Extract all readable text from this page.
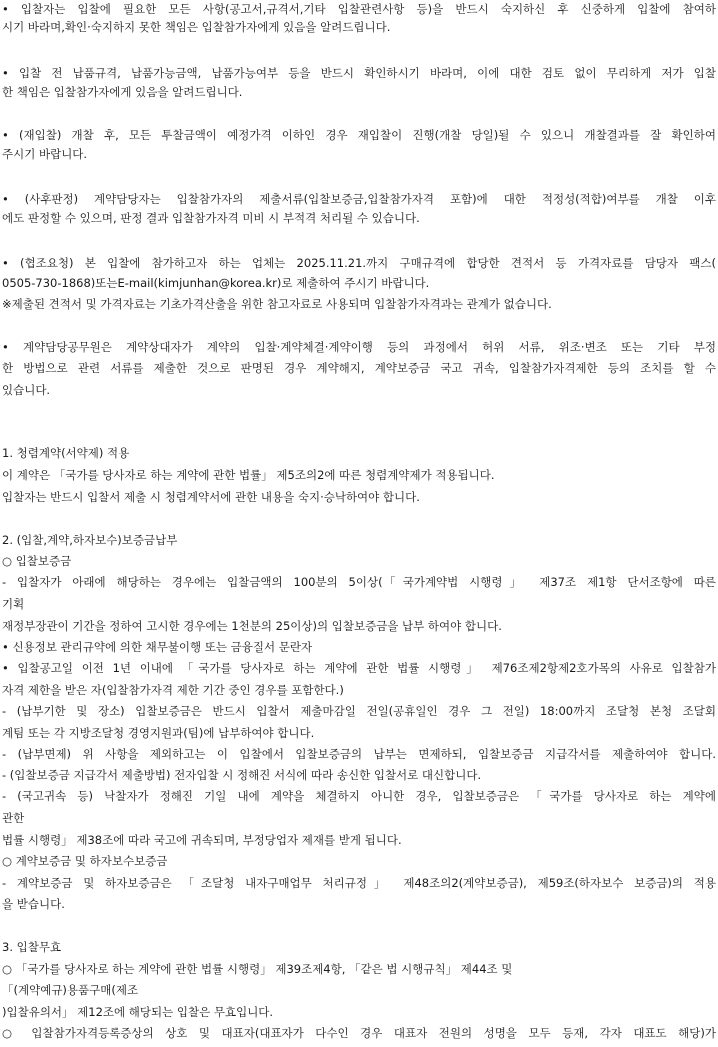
• 입찰자는 입찰에 필요한 모든 사항(공고서,규격서,기타 입찰관련사항 등)을 반드시 숙지하신 후 신중하게 입찰에 참여하
시기 바라며,확인·숙지하지 못한 책임은 입찰참가자에게 있음을 알려드립니다.
• 입찰 전 납품규격, 납품가능금액, 납품가능여부 등을 반드시 확인하시기 바라며, 이에 대한 검토 없이 무리하게 저가 입찰
한 책임은 입찰참가자에게 있음을 알려드립니다.
• (재입찰) 개찰 후, 모든 투찰금액이 예정가격 이하인 경우 재입찰이 진행(개찰 당일)될 수 있으니 개찰결과를 잘 확인하여
주시기 바랍니다.
• (사후판정) 계약담당자는 입찰참가자의 제출서류(입찰보증금,입찰참가자격 포함)에 대한 적정성(적합)여부를 개찰 이후
에도 판정할 수 있으며, 판정 결과 입찰참가자격 미비 시 부적격 처리될 수 있습니다.
• (협조요청) 본 입찰에 참가하고자 하는 업체는 2025.11.21.까지 구매규격에 합당한 견적서 등 가격자료를 담당자 팩스(
0505-730-1868)또는E-mail(kimjunhan@korea.kr)로 제출하여 주시기 바랍니다.
※제출된 견적서 및 가격자료는 기초가격산출을 위한 참고자료로 사용되며 입찰참가자격과는 관계가 없습니다.
• 계약담당공무원은 계약상대자가 계약의 입찰·계약체결·계약이행 등의 과정에서 허위 서류, 위조·변조 또는 기타 부정
한 방법으로 관련 서류를 제출한 것으로 판명된 경우 계약해지, 계약보증금 국고 귀속, 입찰참가자격제한 등의 조치를 할 수
있습니다.
1. 청렴계약(서약제) 적용
이 계약은 「국가를 당사자로 하는 계약에 관한 법률」 제5조의2에 따른 청렴계약제가 적용됩니다.
입찰자는 반드시 입찰서 제출 시 청렴계약서에 관한 내용을 숙지·승낙하여야 합니다.
2. (입찰,계약,하자보수)보증금납부
○ 입찰보증금
- 입찰자가 아래에 해당하는 경우에는 입찰금액의 100분의 5이상(「국가계약법 시행령」 제37조 제1항 단서조항에 따른
기획
재정부장관이 기간을 정하여 고시한 경우에는 1천분의 25이상)의 입찰보증금을 납부 하여야 합니다.
• 신용정보 관리규약에 의한 채무불이행 또는 금융질서 문란자
• 입찰공고일 이전 1년 이내에 「국가를 당사자로 하는 계약에 관한 법률 시행령」 제76조제2항제2호가목의 사유로 입찰참가
자격 제한을 받은 자(입찰참가자격 제한 기간 중인 경우를 포함한다.)
- (납부기한 및 장소) 입찰보증금은 반드시 입찰서 제출마감일 전일(공휴일인 경우 그 전일) 18:00까지 조달청 본청 조달회
계팀 또는 각 지방조달청 경영지원과(팀)에 납부하여야 합니다.
- (납부면제) 위 사항을 제외하고는 이 입찰에서 입찰보증금의 납부는 면제하되, 입찰보증금 지급각서를 제출하여야 합니다.
- (입찰보증금 지급각서 제출방법) 전자입찰 시 정해진 서식에 따라 송신한 입찰서로 대신합니다.
- (국고귀속 등) 낙찰자가 정해진 기일 내에 계약을 체결하지 아니한 경우, 입찰보증금은 「국가를 당사자로 하는 계약에
관한
법률 시행령」 제38조에 따라 국고에 귀속되며, 부정당업자 제재를 받게 됩니다.
○ 계약보증금 및 하자보수보증금
- 계약보증금 및 하자보증금은 「조달청 내자구매업무 처리규정」 제48조의2(계약보증금), 제59조(하자보수 보증금)의 적용
을 받습니다.
3. 입찰무효
○ 「국가를 당사자로 하는 계약에 관한 법률 시행령」 제39조제4항, 「같은 법 시행규칙」 제44조 및
「(계약예규)용품구매(제조
)입찰유의서」 제12조에 해당되는 입찰은 무효입니다.
○ 입찰참가자격등록증상의 상호 및 대표자(대표자가 다수인 경우 대표자 전원의 성명을 모두 등재, 각자 대표도 해당)가
